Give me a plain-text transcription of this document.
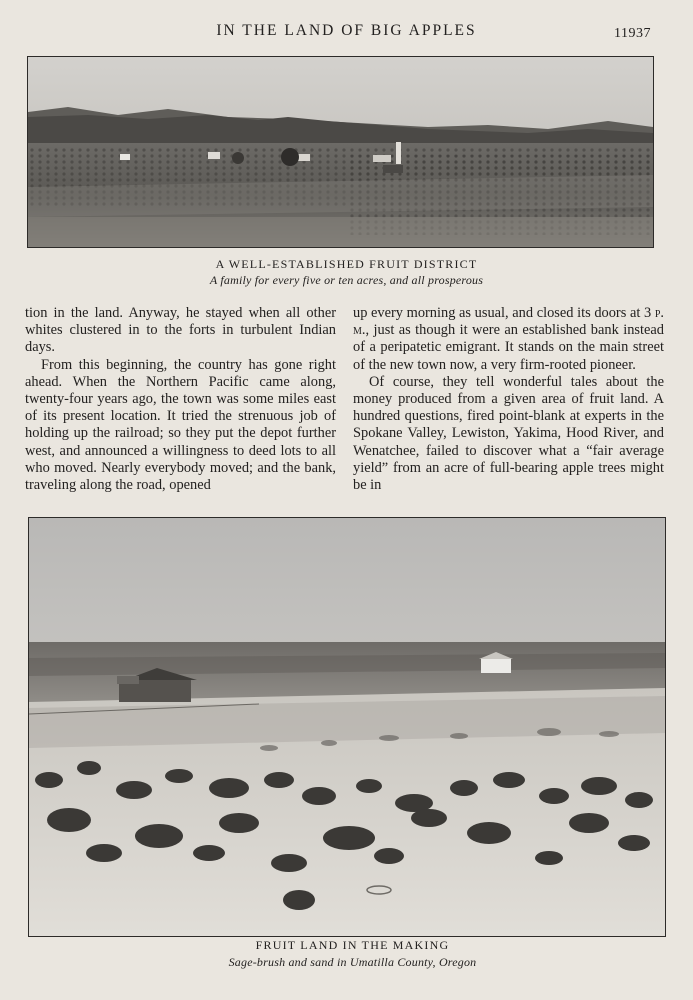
IN THE LAND OF BIG APPLES	11937
A WELL-ESTABLISHED FRUIT DISTRICT
A family for every five or ten acres, and all prosperous

tion in the land. Anyway, he stayed when all other whites clustered in to the forts in turbulent Indian days.

From this beginning, the country has gone right ahead. When the Northern Pacific came along, twenty-four years ago, the town was some miles east of its present location. It tried the strenuous job of holding up the railroad; so they put the depot further west, and announced a willingness to deed lots to all who moved. Nearly everybody moved; and the bank, traveling along the road, opened

up every morning as usual, and closed its doors at 3 p. m., just as though it were an established bank instead of a peripatetic emigrant. It stands on the main street of the new town now, a very firm-rooted pioneer.

Of course, they tell wonderful tales about the money produced from a given area of fruit land. A hundred questions, fired point-blank at experts in the Spokane Valley, Lewiston, Yakima, Hood River, and Wenatchee, failed to discover what a “fair average yield” from an acre of full-bearing apple trees might be in

FRUIT LAND IN THE MAKING
Sage-brush and sand in Umatilla County, Oregon
